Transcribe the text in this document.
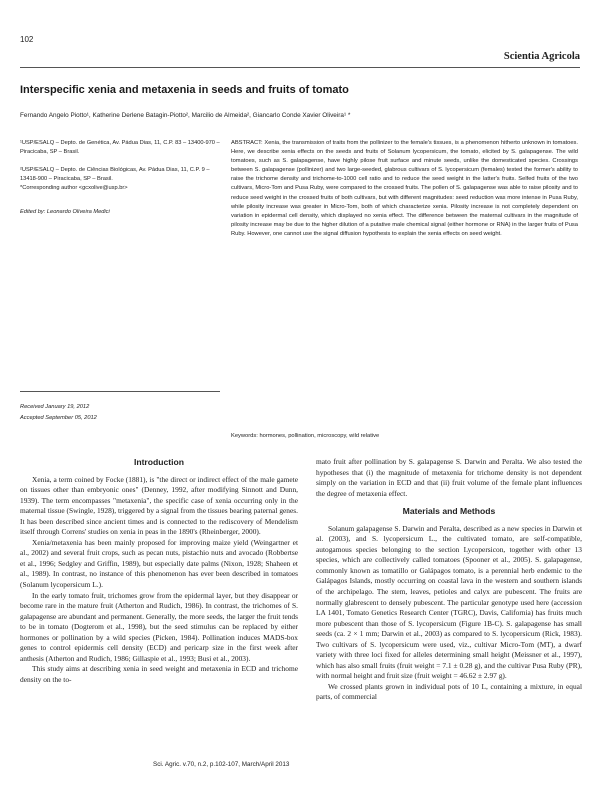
102
Scientia Agricola
Interspecific xenia and metaxenia in seeds and fruits of tomato
Fernando Angelo Piotto¹, Katherine Derlene Batagin-Piotto², Marcilio de Almeida², Giancarlo Conde Xavier Oliveira¹ *
¹USP/ESALQ – Depto. de Genética, Av. Pádua Dias, 11, C.P. 83 – 13400-970 – Piracicaba, SP – Brasil.
²USP/ESALQ – Depto. de Ciências Biológicas, Av. Pádua Dias, 11, C.P. 9 – 13418-900 – Piracicaba, SP – Brasil.
*Corresponding author <gcxolive@usp.br>
Edited by: Leonardo Oliveira Medici
Received January 19, 2012
Accepted September 05, 2012
ABSTRACT: Xenia, the transmission of traits from the pollinizer to the female's tissues, is a phenomenon hitherto unknown in tomatoes. Here, we describe xenia effects on the seeds and fruits of Solanum lycopersicum, the tomato, elicited by S. galapagense. The wild tomatoes, such as S. galapagense, have highly pilose fruit surface and minute seeds, unlike the domesticated species. Crossings between S. galapagense (pollinizer) and two large-seeded, glabrous cultivars of S. lycopersicum (females) tested the former's ability to raise the trichome density and trichome-to-1000 cell ratio and to reduce the seed weight in the latter's fruits. Selfed fruits of the two cultivars, Micro-Tom and Pusa Ruby, were compared to the crossed fruits. The pollen of S. galapagense was able to raise pilosity and to reduce seed weight in the crossed fruits of both cultivars, but with different magnitudes: seed reduction was more intense in Pusa Ruby, while pilosity increase was greater in Micro-Tom, both of which characterize xenia. Pilosity increase is not completely dependent on variation in epidermal cell density, which displayed no xenia effect. The difference between the maternal cultivars in the magnitude of pilosity increase may be due to the higher dilution of a putative male chemical signal (either hormone or RNA) in the larger fruits of Pusa Ruby. However, one cannot use the signal diffusion hypothesis to explain the xenia effects on seed weight.
Keywords: hormones, pollination, microscopy, wild relative
Introduction

Xenia, a term coined by Focke (1881), is "the direct or indirect effect of the male gamete on tissues other than embryonic ones" (Denney, 1992, after modifying Sinnott and Dunn, 1939). The term encompasses "metaxenia", the specific case of xenia occurring only in the maternal tissue (Swingle, 1928), triggered by a signal from the tissues bearing paternal genes. It has been described since ancient times and is connected to the rediscovery of Mendelism itself through Correns' studies on xenia in peas in the 1890's (Rheinberger, 2000).

Xenia/metaxenia has been mainly proposed for improving maize yield (Weingartner et al., 2002) and several fruit crops, such as pecan nuts, pistachio nuts and avocado (Robbertse et al., 1996; Sedgley and Griffin, 1989), but especially date palms (Nixon, 1928; Shaheen et al., 1989). In contrast, no instance of this phenomenon has ever been described in tomatoes (Solanum lycopersicum L.).

In the early tomato fruit, trichomes grow from the epidermal layer, but they disappear or become rare in the mature fruit (Atherton and Rudich, 1986). In contrast, the trichomes of S. galapagense are abundant and permanent. Generally, the more seeds, the larger the fruit tends to be in tomato (Dogterom et al., 1998), but the seed stimulus can be replaced by either hormones or pollination by a wild species (Picken, 1984). Pollination induces MADS-box genes to control epidermis cell density (ECD) and pericarp size in the first week after anthesis (Atherton and Rudich, 1986; Gillaspie et al., 1993; Busi et al., 2003).

This study aims at describing xenia in seed weight and metaxenia in ECD and trichome density on the to-

mato fruit after pollination by S. galapagense S. Darwin and Peralta. We also tested the hypotheses that (i) the magnitude of metaxenia for trichome density is not dependent simply on the variation in ECD and that (ii) fruit volume of the female plant influences the degree of metaxenia effect.

Materials and Methods

Solanum galapagense S. Darwin and Peralta, described as a new species in Darwin et al. (2003), and S. lycopersicum L., the cultivated tomato, are self-compatible, autogamous species belonging to the section Lycopersicon, together with other 13 species, which are collectively called tomatoes (Spooner et al., 2005). S. galapagense, commonly known as tomatillo or Galápagos tomato, is a perennial herb endemic to the Galápagos Islands, mostly occurring on coastal lava in the western and southern islands of the archipelago. The stem, leaves, petioles and calyx are pubescent. The fruits are normally glabrescent to densely pubescent. The particular genotype used here (accession LA 1401, Tomato Genetics Research Center (TGRC), Davis, California) has fruits much more pubescent than those of S. lycopersicum (Figure 1B-C). S. galapagense has small seeds (ca. 2 × 1 mm; Darwin et al., 2003) as compared to S. lycopersicum (Rick, 1983). Two cultivars of S. lycopersicum were used, viz., cultivar Micro-Tom (MT), a dwarf variety with three loci fixed for alleles determining small height (Meissner et al., 1997), which has also small fruits (fruit weight = 7.1 ± 0.28 g), and the cultivar Pusa Ruby (PR), with normal height and fruit size (fruit weight = 46.62 ± 2.97 g).

We crossed plants grown in individual pots of 10 L, containing a mixture, in equal parts, of commercial

Sci. Agric. v.70, n.2, p.102-107, March/April 2013
